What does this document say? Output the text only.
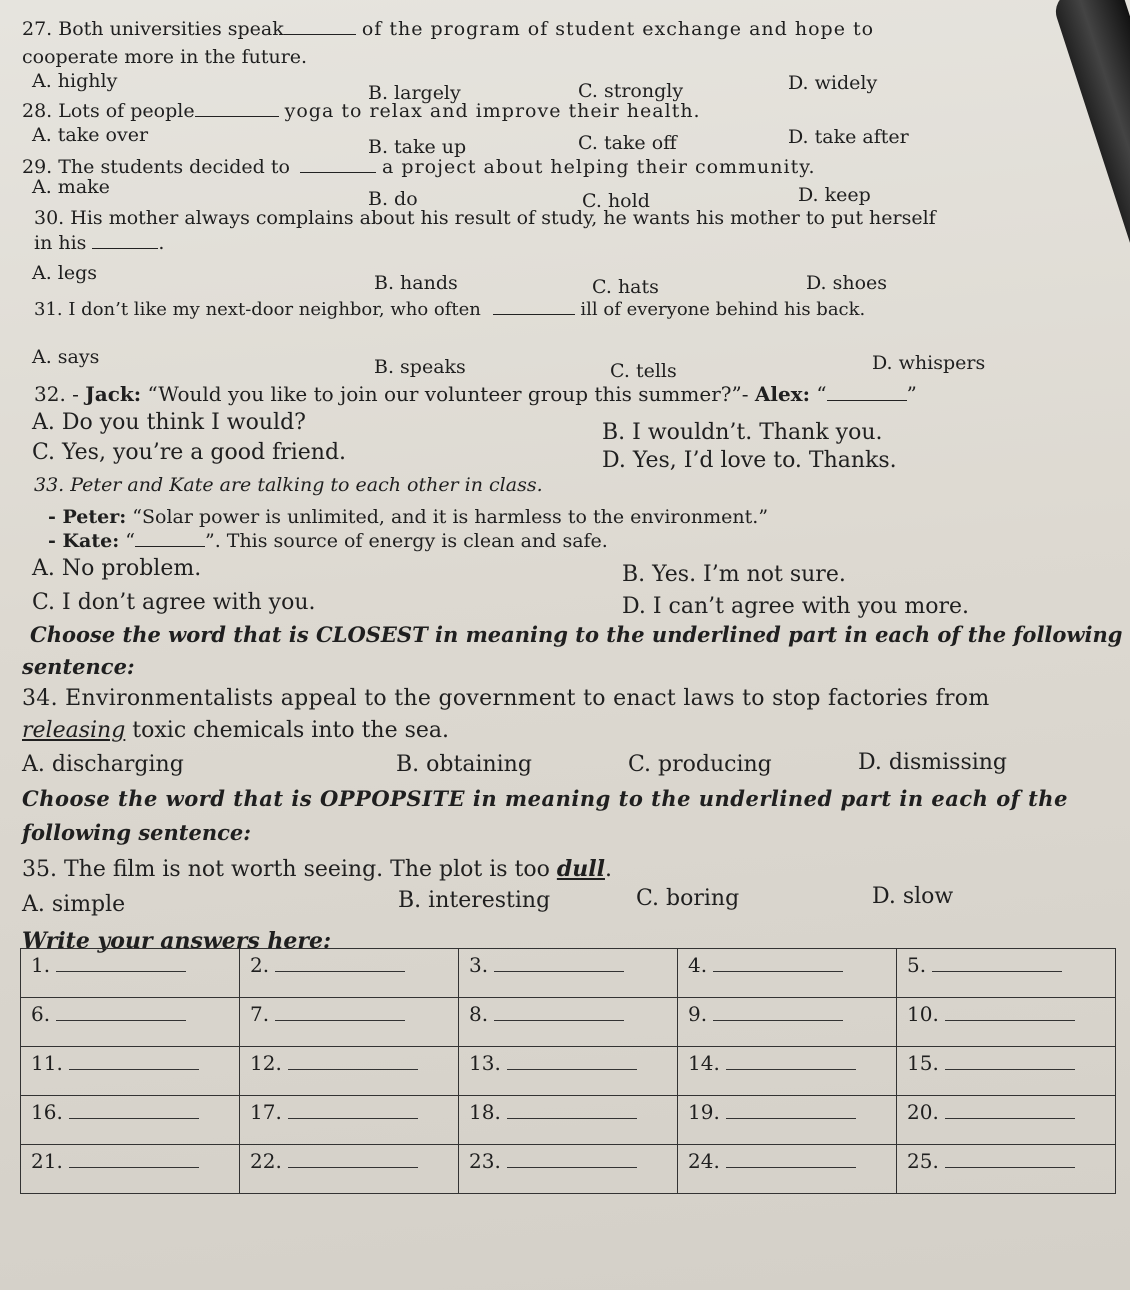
27. Both universities speak	of the program of student exchange and hope to
cooperate more in the future.
A. highly
B. largely	C. strongly	D. widely
28. Lots of people	yoga to relax and improve their health.
A. take over
B. take up	C. take off	D. take after
29. The students decided to	a project about helping their community.
A. make
B. do	C. hold	D. keep
30. His mother always complains about his result of study, he wants his mother to put herself
in his	.
A. legs	B. hands	C. hats	D. shoes
31. I don’t like my next-door neighbor, who often	ill of everyone behind his back.
A. says	B. speaks	C. tells	D. whispers
32. - Jack: “Would you like to join our volunteer group this summer?”- Alex: “	”
A. Do you think I would?	B. I wouldn’t. Thank you.
C. Yes, you’re a good friend.	D. Yes, I’d love to. Thanks.
33. Peter and Kate are talking to each other in class.
- Peter: “Solar power is unlimited, and it is harmless to the environment.”
- Kate: “	”. This source of energy is clean and safe.
A. No problem.	B. Yes. I’m not sure.
C. I don’t agree with you.	D. I can’t agree with you more.
Choose the word that is CLOSEST in meaning to the underlined part in each of the following
sentence:
34. Environmentalists appeal to the government to enact laws to stop factories from
releasing toxic chemicals into the sea.
A. discharging	B. obtaining	C. producing	D. dismissing
Choose the word that is OPPOPSITE in meaning to the underlined part in each of the
following sentence:
35. The film is not worth seeing. The plot is too dull.
A. simple	B. interesting	C. boring	D. slow
Write your answers here:
1.	2.	3.	4.	5.
6.	7.	8.	9.	10.
11.	12.	13.	14.	15.
16.	17.	18.	19.	20.
21.	22.	23.	24.	25.
